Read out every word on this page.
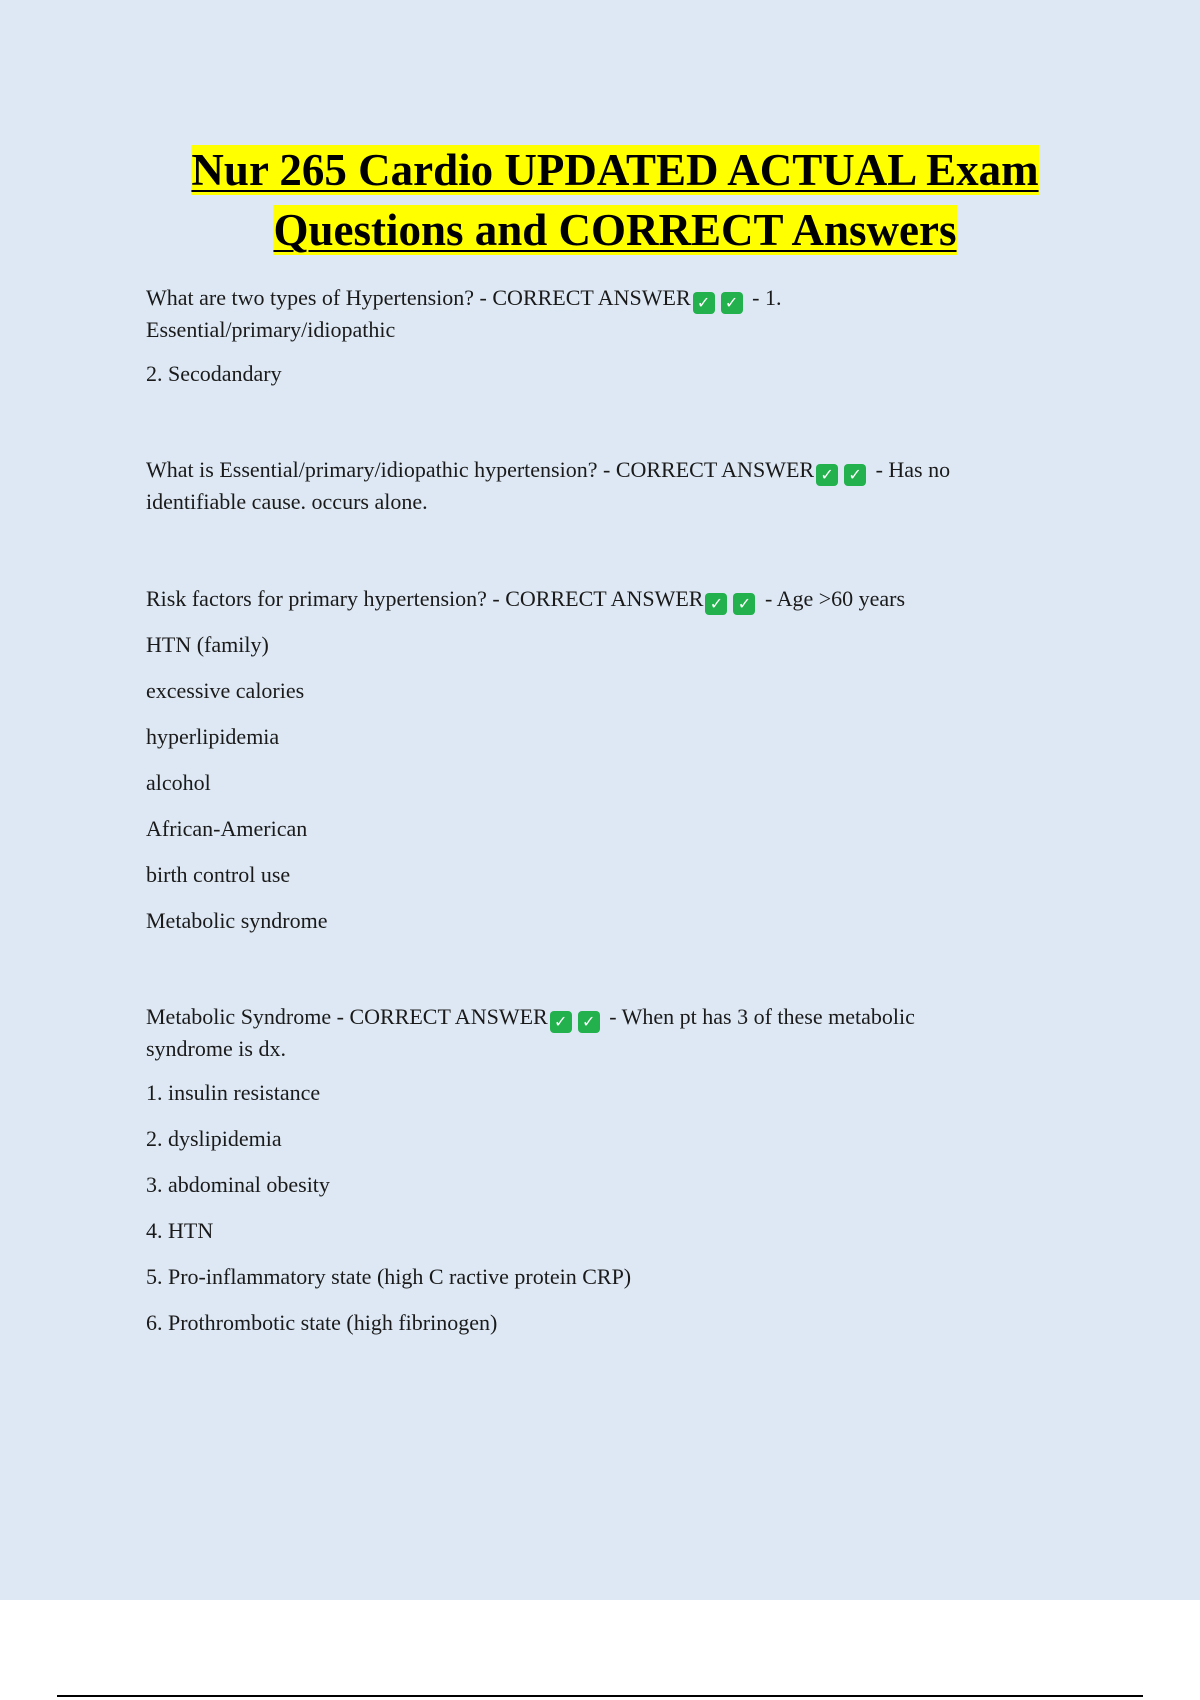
Nur 265 Cardio UPDATED ACTUAL Exam
Questions and CORRECT Answers

What are two types of Hypertension? - CORRECT ANSWER ✓ ✓ - 1.
Essential/primary/idiopathic

2. Secodandary

What is Essential/primary/idiopathic hypertension? - CORRECT ANSWER ✓ ✓ - Has no
identifiable cause. occurs alone.

Risk factors for primary hypertension? - CORRECT ANSWER ✓ ✓ - Age >60 years

HTN (family)

excessive calories

hyperlipidemia

alcohol

African-American

birth control use

Metabolic syndrome

Metabolic Syndrome - CORRECT ANSWER ✓ ✓ - When pt has 3 of these metabolic
syndrome is dx.

1. insulin resistance

2. dyslipidemia

3. abdominal obesity

4. HTN

5. Pro-inflammatory state (high C ractive protein CRP)

6. Prothrombotic state (high fibrinogen)
